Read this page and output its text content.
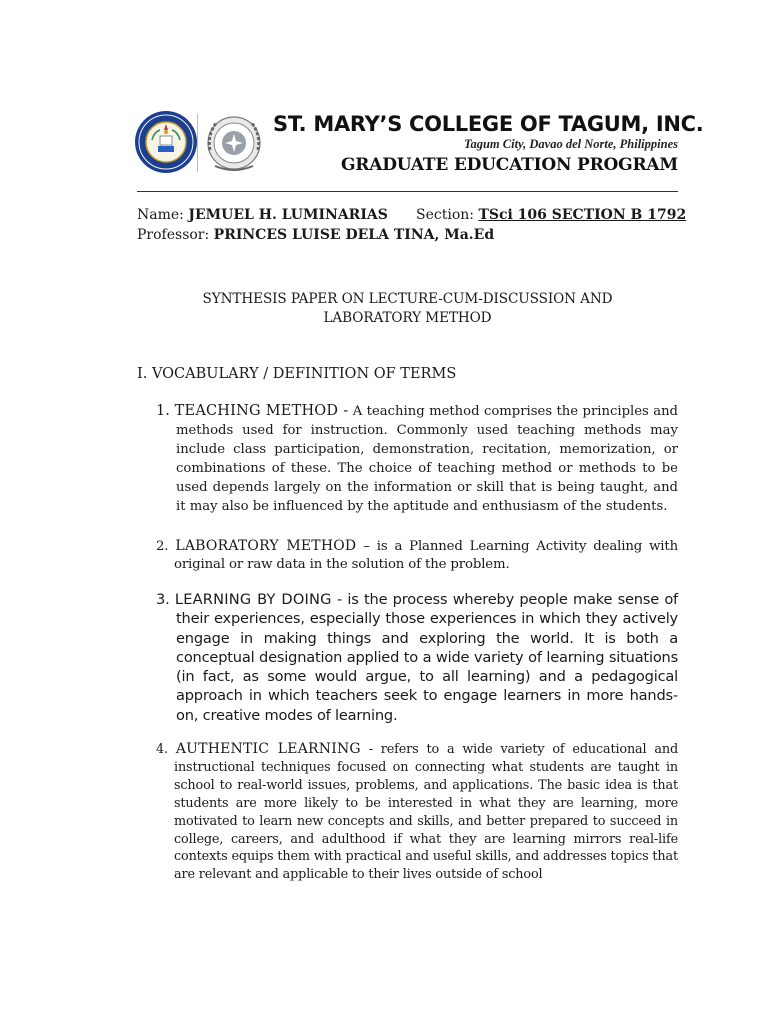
ST. MARY’S COLLEGE OF TAGUM, INC.
Tagum City, Davao del Norte, Philippines
GRADUATE EDUCATION PROGRAM
Name: JEMUEL H. LUMINARIAS Section: TSci 106 SECTION B 1792
Professor: PRINCES LUISE DELA TINA, Ma.Ed
SYNTHESIS PAPER ON LECTURE-CUM-DISCUSSION AND
LABORATORY METHOD
I. VOCABULARY / DEFINITION OF TERMS
1. TEACHING METHOD - A teaching method comprises the principles and methods used for instruction. Commonly used teaching methods may include class participation, demonstration, recitation, memorization, or combinations of these. The choice of teaching method or methods to be used depends largely on the information or skill that is being taught, and it may also be influenced by the aptitude and enthusiasm of the students.
2. LABORATORY METHOD – is a Planned Learning Activity dealing with original or raw data in the solution of the problem.
3. LEARNING BY DOING - is the process whereby people make sense of their experiences, especially those experiences in which they actively engage in making things and exploring the world. It is both a conceptual designation applied to a wide variety of learning situations (in fact, as some would argue, to all learning) and a pedagogical approach in which teachers seek to engage learners in more hands-on, creative modes of learning.
4. AUTHENTIC LEARNING - refers to a wide variety of educational and instructional techniques focused on connecting what students are taught in school to real-world issues, problems, and applications. The basic idea is that students are more likely to be interested in what they are learning, more motivated to learn new concepts and skills, and better prepared to succeed in college, careers, and adulthood if what they are learning mirrors real-life contexts equips them with practical and useful skills, and addresses topics that are relevant and applicable to their lives outside of school
